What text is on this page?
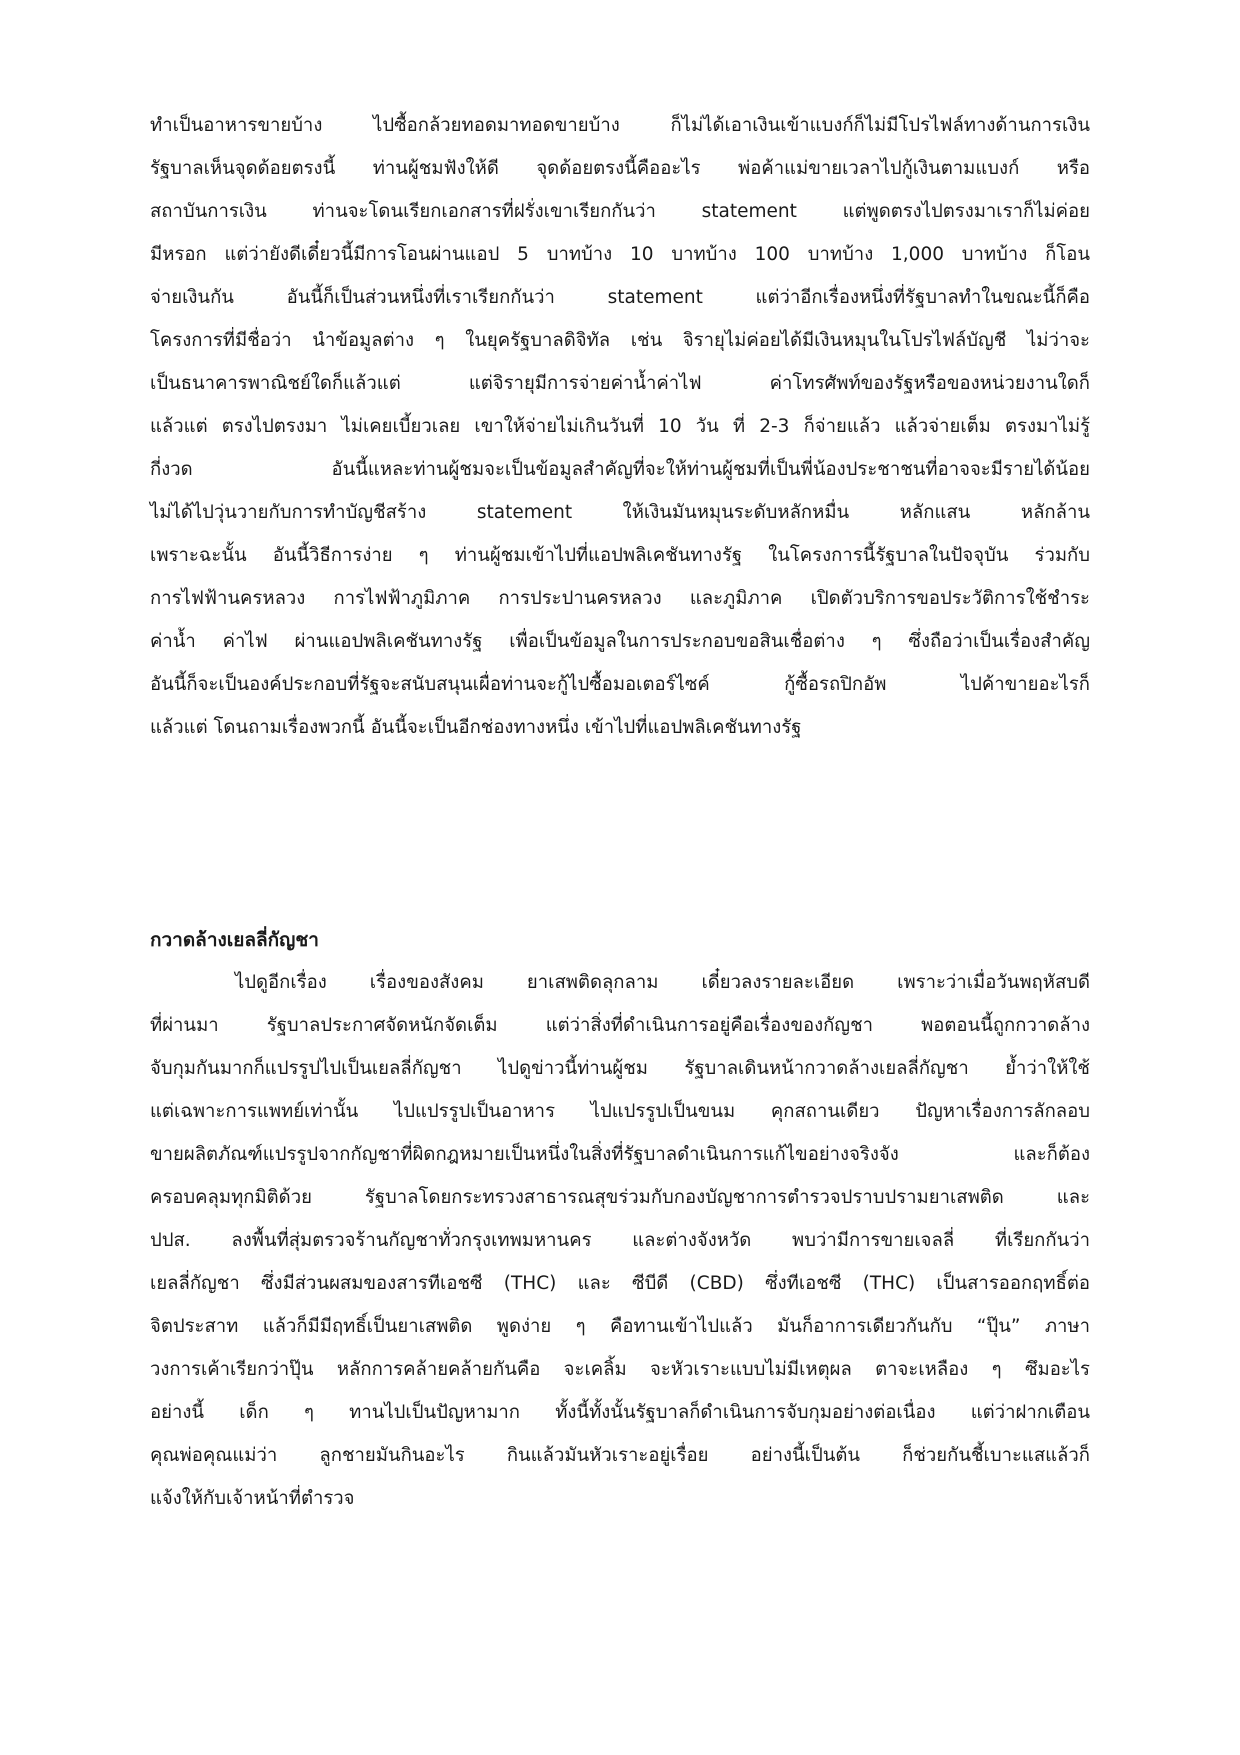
ทำเป็นอาหารขายบ้าง ไปซื้อกล้วยทอดมาทอดขายบ้าง ก็ไม่ได้เอาเงินเข้าแบงก์ก็ไม่มีโปรไฟล์ทางด้านการเงิน
รัฐบาลเห็นจุดด้อยตรงนี้ ท่านผู้ชมฟังให้ดี จุดด้อยตรงนี้คืออะไร พ่อค้าแม่ขายเวลาไปกู้เงินตามแบงก์ หรือ
สถาบันการเงิน ท่านจะโดนเรียกเอกสารที่ฝรั่งเขาเรียกกันว่า statement แต่พูดตรงไปตรงมาเราก็ไม่ค่อย
มีหรอก แต่ว่ายังดีเดี๋ยวนี้มีการโอนผ่านแอป 5 บาทบ้าง 10 บาทบ้าง 100 บาทบ้าง 1,000 บาทบ้าง ก็โอน
จ่ายเงินกัน อันนี้ก็เป็นส่วนหนึ่งที่เราเรียกกันว่า statement แต่ว่าอีกเรื่องหนึ่งที่รัฐบาลทำในขณะนี้ก็คือ
โครงการที่มีชื่อว่า นำข้อมูลต่าง ๆ ในยุครัฐบาลดิจิทัล เช่น จิรายุไม่ค่อยได้มีเงินหมุนในโปรไฟล์บัญชี ไม่ว่าจะ
เป็นธนาคารพาณิชย์ใดก็แล้วแต่ แต่จิรายุมีการจ่ายค่าน้ำค่าไฟ ค่าโทรศัพท์ของรัฐหรือของหน่วยงานใดก็
แล้วแต่ ตรงไปตรงมา ไม่เคยเบี้ยวเลย เขาให้จ่ายไม่เกินวันที่ 10 วัน ที่ 2-3 ก็จ่ายแล้ว แล้วจ่ายเต็ม ตรงมาไม่รู้
กี่งวด อันนี้แหละท่านผู้ชมจะเป็นข้อมูลสำคัญที่จะให้ท่านผู้ชมที่เป็นพี่น้องประชาชนที่อาจจะมีรายได้น้อย
ไม่ได้ไปวุ่นวายกับการทำบัญชีสร้าง statement ให้เงินมันหมุนระดับหลักหมื่น หลักแสน หลักล้าน
เพราะฉะนั้น อันนี้วิธีการง่าย ๆ ท่านผู้ชมเข้าไปที่แอปพลิเคชันทางรัฐ ในโครงการนี้รัฐบาลในปัจจุบัน ร่วมกับ
การไฟฟ้านครหลวง การไฟฟ้าภูมิภาค การประปานครหลวง และภูมิภาค เปิดตัวบริการขอประวัติการใช้ชำระ
ค่าน้ำ ค่าไฟ ผ่านแอปพลิเคชันทางรัฐ เพื่อเป็นข้อมูลในการประกอบขอสินเชื่อต่าง ๆ ซึ่งถือว่าเป็นเรื่องสำคัญ
อันนี้ก็จะเป็นองค์ประกอบที่รัฐจะสนับสนุนเผื่อท่านจะกู้ไปซื้อมอเตอร์ไซค์ กู้ซื้อรถปิกอัพ ไปค้าขายอะไรก็
แล้วแต่ โดนถามเรื่องพวกนี้ อันนี้จะเป็นอีกช่องทางหนึ่ง เข้าไปที่แอปพลิเคชันทางรัฐ
กวาดล้างเยลลี่กัญชา
ไปดูอีกเรื่อง เรื่องของสังคม ยาเสพติดลุกลาม เดี๋ยวลงรายละเอียด เพราะว่าเมื่อวันพฤหัสบดี
ที่ผ่านมา รัฐบาลประกาศจัดหนักจัดเต็ม แต่ว่าสิ่งที่ดำเนินการอยู่คือเรื่องของกัญชา พอตอนนี้ถูกกวาดล้าง
จับกุมกันมากก็แปรรูปไปเป็นเยลลี่กัญชา ไปดูข่าวนี้ท่านผู้ชม รัฐบาลเดินหน้ากวาดล้างเยลลี่กัญชา ย้ำว่าให้ใช้
แต่เฉพาะการแพทย์เท่านั้น ไปแปรรูปเป็นอาหาร ไปแปรรูปเป็นขนม คุกสถานเดียว ปัญหาเรื่องการลักลอบ
ขายผลิตภัณฑ์แปรรูปจากกัญชาที่ผิดกฎหมายเป็นหนึ่งในสิ่งที่รัฐบาลดำเนินการแก้ไขอย่างจริงจัง และก็ต้อง
ครอบคลุมทุกมิติด้วย รัฐบาลโดยกระทรวงสาธารณสุขร่วมกับกองบัญชาการตำรวจปราบปรามยาเสพติด และ
ปปส. ลงพื้นที่สุ่มตรวจร้านกัญชาทั่วกรุงเทพมหานคร และต่างจังหวัด พบว่ามีการขายเจลลี่ ที่เรียกกันว่า
เยลลี่กัญชา ซึ่งมีส่วนผสมของสารทีเอชซี (THC) และ ซีบีดี (CBD) ซึ่งทีเอชซี (THC) เป็นสารออกฤทธิ์ต่อ
จิตประสาท แล้วก็มีมีฤทธิ์เป็นยาเสพติด พูดง่าย ๆ คือทานเข้าไปแล้ว มันก็อาการเดียวกันกับ “ปุ๊น” ภาษา
วงการเค้าเรียกว่าปุ๊น หลักการคล้ายคล้ายกันคือ จะเคลิ้ม จะหัวเราะแบบไม่มีเหตุผล ตาจะเหลือง ๆ ซึมอะไร
อย่างนี้ เด็ก ๆ ทานไปเป็นปัญหามาก ทั้งนี้ทั้งนั้นรัฐบาลก็ดำเนินการจับกุมอย่างต่อเนื่อง แต่ว่าฝากเตือน
คุณพ่อคุณแม่ว่า ลูกชายมันกินอะไร กินแล้วมันหัวเราะอยู่เรื่อย อย่างนี้เป็นต้น ก็ช่วยกันชี้เบาะแสแล้วก็
แจ้งให้กับเจ้าหน้าที่ตำรวจ
